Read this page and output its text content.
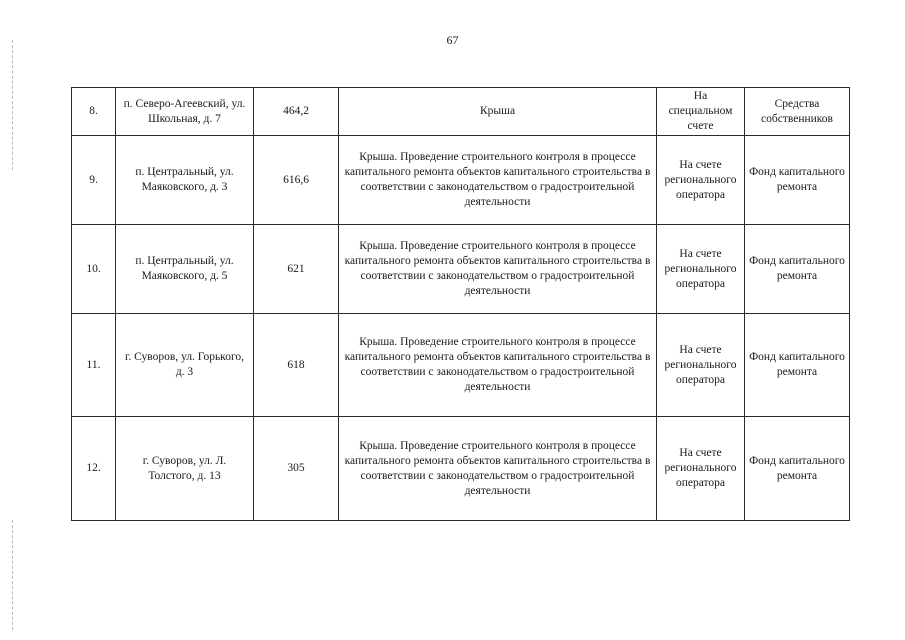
67
8.	п. Северо-Агеевский, ул. Школьная, д. 7	464,2	Крыша	На специальном счете	Средства собственников
9.	п. Центральный, ул. Маяковского, д. 3	616,6	Крыша. Проведение строительного контроля в процессе капитального ремонта объектов капитального строительства в соответствии с законодательством о градостроительной деятельности	На счете регионального оператора	Фонд капитального ремонта
10.	п. Центральный, ул. Маяковского, д. 5	621	Крыша. Проведение строительного контроля в процессе капитального ремонта объектов капитального строительства в соответствии с законодательством о градостроительной деятельности	На счете регионального оператора	Фонд капитального ремонта
11.	г. Суворов, ул. Горького, д. 3	618	Крыша. Проведение строительного контроля в процессе капитального ремонта объектов капитального строительства в соответствии с законодательством о градостроительной деятельности	На счете регионального оператора	Фонд капитального ремонта
12.	г. Суворов, ул. Л. Толстого, д. 13	305	Крыша. Проведение строительного контроля в процессе капитального ремонта объектов капитального строительства в соответствии с законодательством о градостроительной деятельности	На счете регионального оператора	Фонд капитального ремонта
